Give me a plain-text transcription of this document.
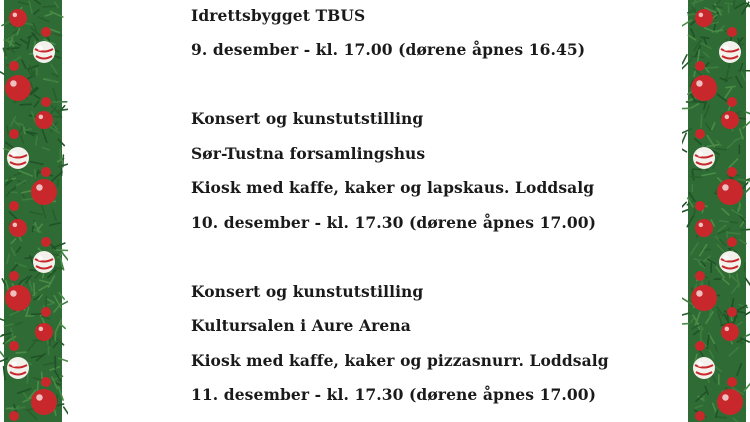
Idrettsbygget TBUS
9. desember - kl. 17.00 (dørene åpnes 16.45)
Konsert og kunstutstilling
Sør-Tustna forsamlingshus
Kiosk med kaffe, kaker og lapskaus. Loddsalg
10. desember - kl. 17.30 (dørene åpnes 17.00)
Konsert og kunstutstilling
Kultursalen i Aure Arena
Kiosk med kaffe, kaker og pizzasnurr. Loddsalg
11. desember - kl. 17.30 (dørene åpnes 17.00)
